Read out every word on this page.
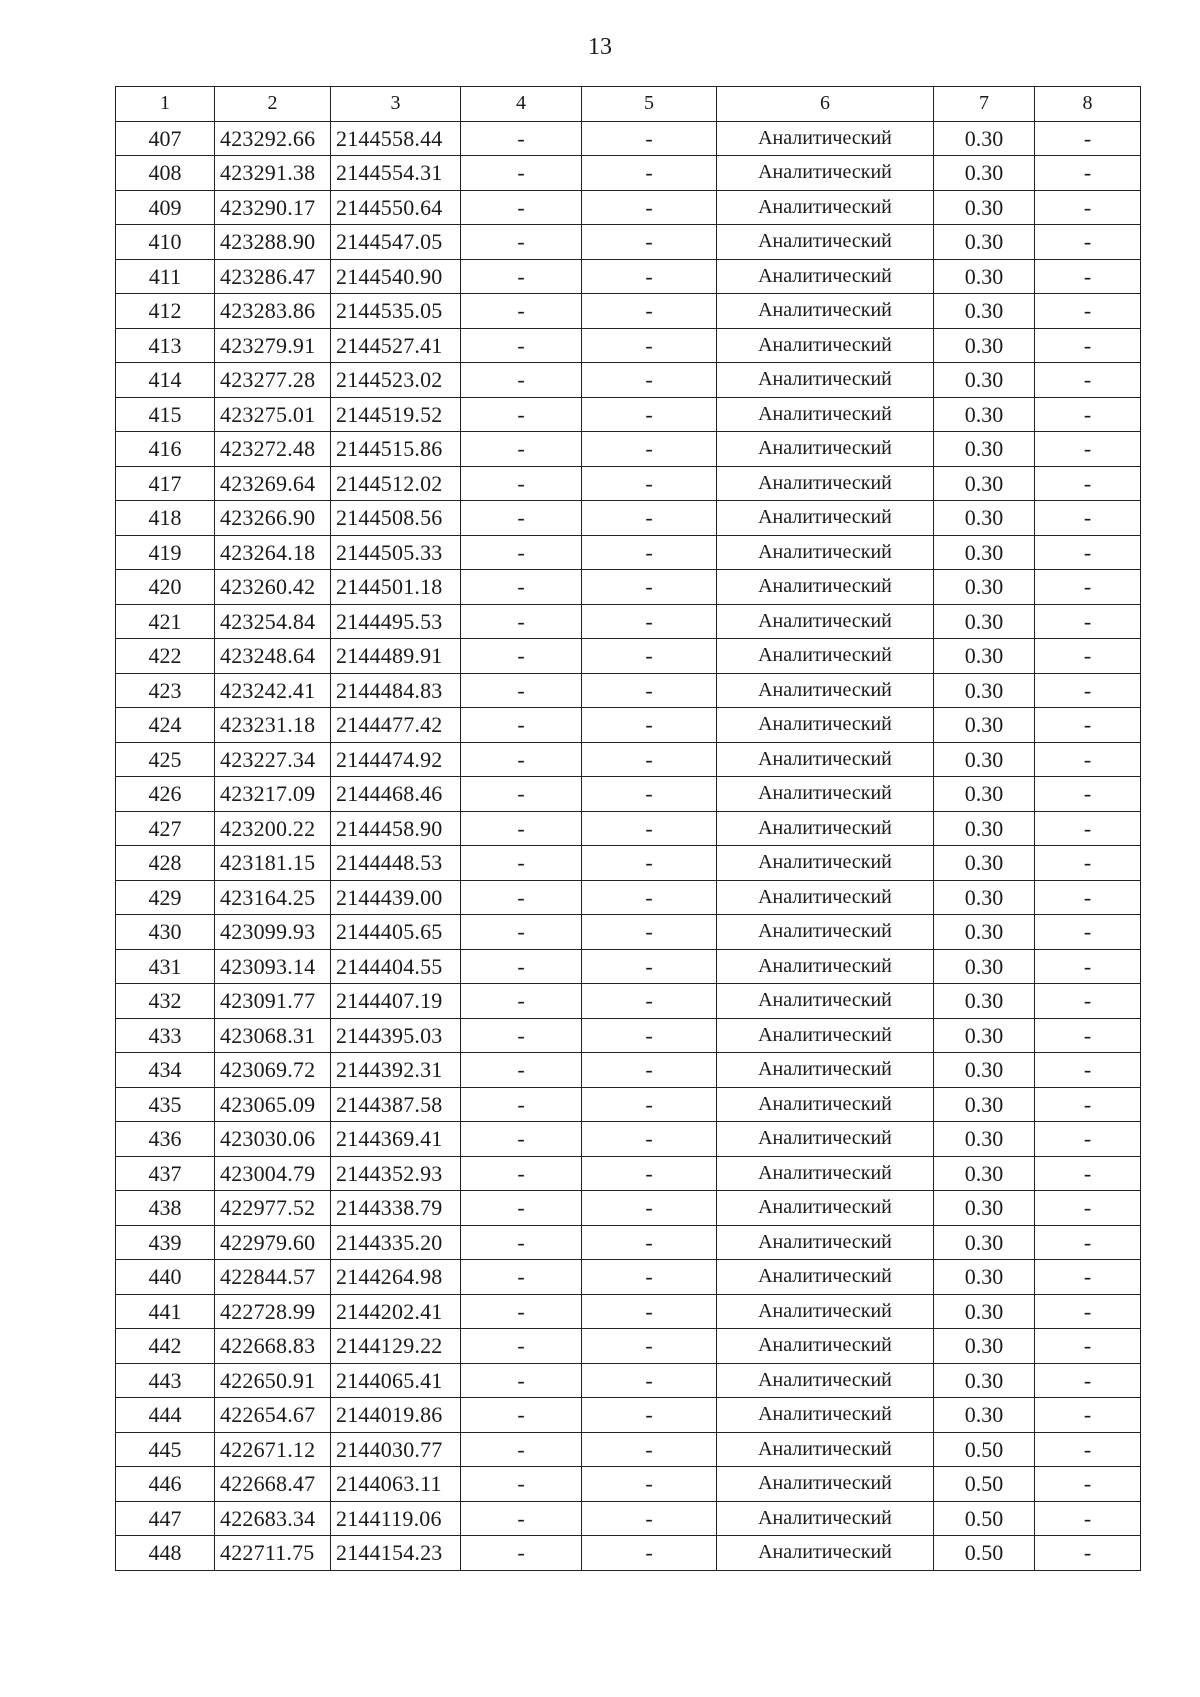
13
1	2	3	4	5	6	7	8
407	423292.66	2144558.44	-	-	Аналитический	0.30	-
408	423291.38	2144554.31	-	-	Аналитический	0.30	-
409	423290.17	2144550.64	-	-	Аналитический	0.30	-
410	423288.90	2144547.05	-	-	Аналитический	0.30	-
411	423286.47	2144540.90	-	-	Аналитический	0.30	-
412	423283.86	2144535.05	-	-	Аналитический	0.30	-
413	423279.91	2144527.41	-	-	Аналитический	0.30	-
414	423277.28	2144523.02	-	-	Аналитический	0.30	-
415	423275.01	2144519.52	-	-	Аналитический	0.30	-
416	423272.48	2144515.86	-	-	Аналитический	0.30	-
417	423269.64	2144512.02	-	-	Аналитический	0.30	-
418	423266.90	2144508.56	-	-	Аналитический	0.30	-
419	423264.18	2144505.33	-	-	Аналитический	0.30	-
420	423260.42	2144501.18	-	-	Аналитический	0.30	-
421	423254.84	2144495.53	-	-	Аналитический	0.30	-
422	423248.64	2144489.91	-	-	Аналитический	0.30	-
423	423242.41	2144484.83	-	-	Аналитический	0.30	-
424	423231.18	2144477.42	-	-	Аналитический	0.30	-
425	423227.34	2144474.92	-	-	Аналитический	0.30	-
426	423217.09	2144468.46	-	-	Аналитический	0.30	-
427	423200.22	2144458.90	-	-	Аналитический	0.30	-
428	423181.15	2144448.53	-	-	Аналитический	0.30	-
429	423164.25	2144439.00	-	-	Аналитический	0.30	-
430	423099.93	2144405.65	-	-	Аналитический	0.30	-
431	423093.14	2144404.55	-	-	Аналитический	0.30	-
432	423091.77	2144407.19	-	-	Аналитический	0.30	-
433	423068.31	2144395.03	-	-	Аналитический	0.30	-
434	423069.72	2144392.31	-	-	Аналитический	0.30	-
435	423065.09	2144387.58	-	-	Аналитический	0.30	-
436	423030.06	2144369.41	-	-	Аналитический	0.30	-
437	423004.79	2144352.93	-	-	Аналитический	0.30	-
438	422977.52	2144338.79	-	-	Аналитический	0.30	-
439	422979.60	2144335.20	-	-	Аналитический	0.30	-
440	422844.57	2144264.98	-	-	Аналитический	0.30	-
441	422728.99	2144202.41	-	-	Аналитический	0.30	-
442	422668.83	2144129.22	-	-	Аналитический	0.30	-
443	422650.91	2144065.41	-	-	Аналитический	0.30	-
444	422654.67	2144019.86	-	-	Аналитический	0.30	-
445	422671.12	2144030.77	-	-	Аналитический	0.50	-
446	422668.47	2144063.11	-	-	Аналитический	0.50	-
447	422683.34	2144119.06	-	-	Аналитический	0.50	-
448	422711.75	2144154.23	-	-	Аналитический	0.50	-
